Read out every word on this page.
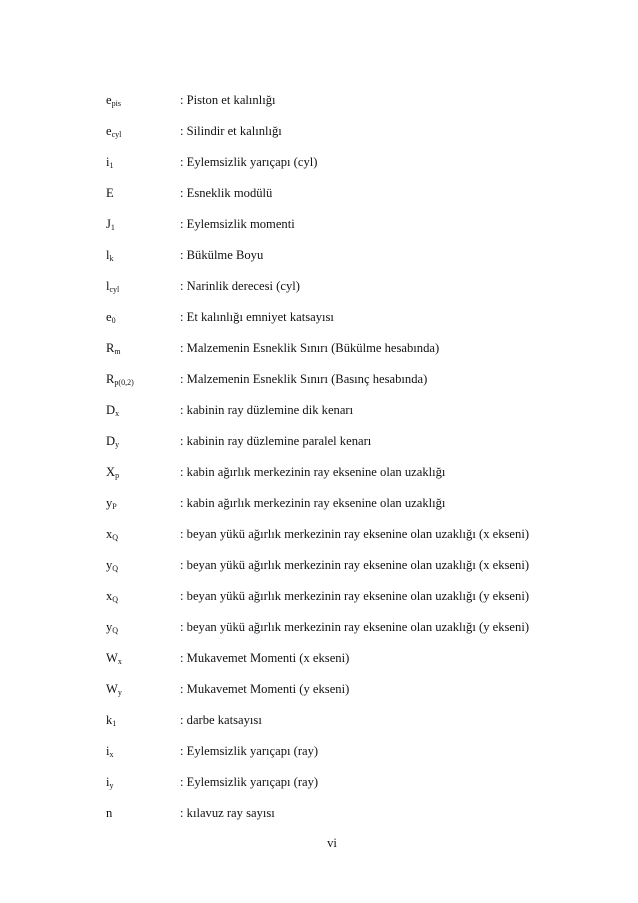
$e_{pis}$	: Piston et kalınlığı
$e_{cyl}$	: Silindir et kalınlığı
$i_1$	: Eylemsizlik yarıçapı (cyl)
E	: Esneklik modülü
$J_1$	: Eylemsizlik momenti
$l_k$	: Bükülme Boyu
$l_{cyl}$	: Narinlik derecesi (cyl)
$e_0$	: Et kalınlığı emniyet katsayısı
$R_m$	: Malzemenin Esneklik Sınırı (Bükülme hesabında)
$R_{p(0,2)}$	: Malzemenin Esneklik Sınırı (Basınç hesabında)
$D_x$	: kabinin ray düzlemine dik kenarı
$D_y$	: kabinin ray düzlemine paralel kenarı
$X_p$	: kabin ağırlık merkezinin ray eksenine olan uzaklığı
$y_P$	: kabin ağırlık merkezinin ray eksenine olan uzaklığı
$x_Q$	: beyan yükü ağırlık merkezinin ray eksenine olan uzaklığı (x ekseni)
$y_Q$	: beyan yükü ağırlık merkezinin ray eksenine olan uzaklığı (x ekseni)
$x_Q$	: beyan yükü ağırlık merkezinin ray eksenine olan uzaklığı (y ekseni)
$y_Q$	: beyan yükü ağırlık merkezinin ray eksenine olan uzaklığı (y ekseni)
$W_x$	: Mukavemet Momenti (x ekseni)
$W_y$	: Mukavemet Momenti (y ekseni)
$k_1$	: darbe katsayısı
$i_x$	: Eylemsizlik yarıçapı (ray)
$i_y$	: Eylemsizlik yarıçapı (ray)
n	: kılavuz ray sayısı
vi
